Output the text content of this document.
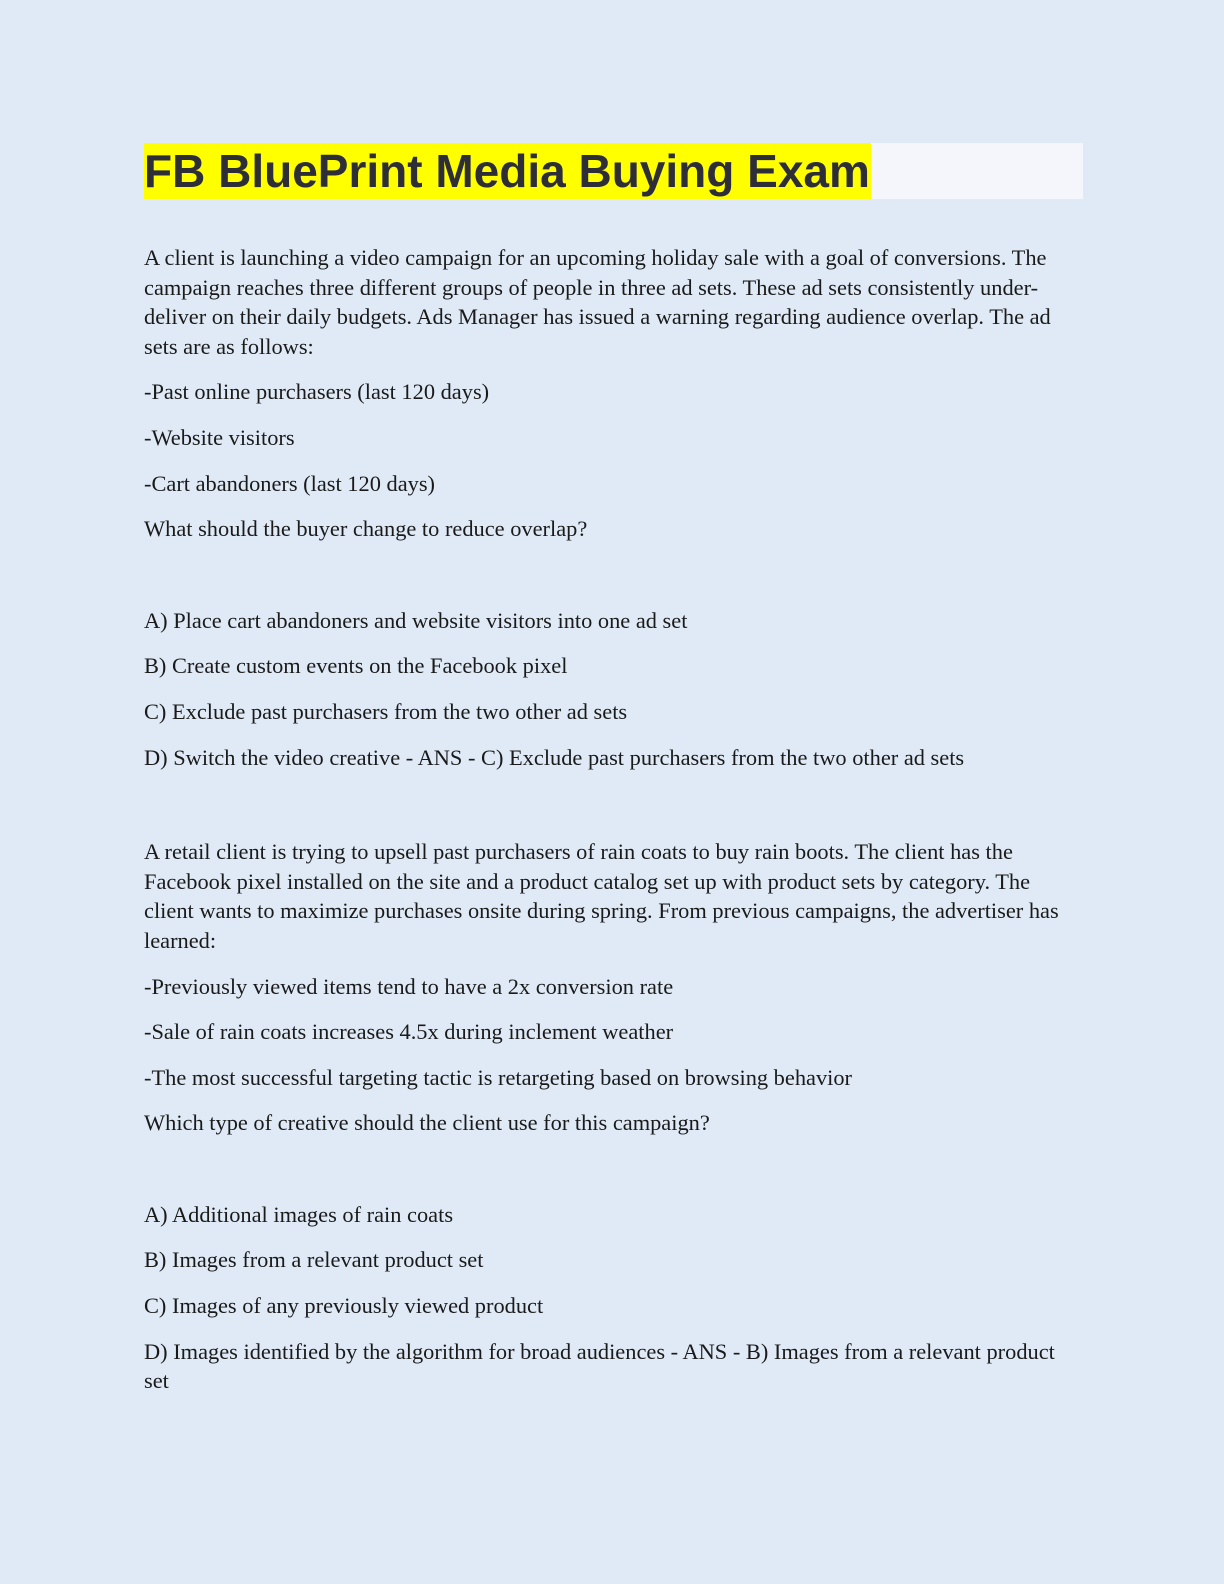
FB BluePrint Media Buying Exam

A client is launching a video campaign for an upcoming holiday sale with a goal of conversions. The campaign reaches three different groups of people in three ad sets. These ad sets consistently under-deliver on their daily budgets. Ads Manager has issued a warning regarding audience overlap. The ad sets are as follows:

-Past online purchasers (last 120 days)

-Website visitors

-Cart abandoners (last 120 days)

What should the buyer change to reduce overlap?

A) Place cart abandoners and website visitors into one ad set

B) Create custom events on the Facebook pixel

C) Exclude past purchasers from the two other ad sets

D) Switch the video creative - ANS - C) Exclude past purchasers from the two other ad sets

A retail client is trying to upsell past purchasers of rain coats to buy rain boots. The client has the Facebook pixel installed on the site and a product catalog set up with product sets by category. The client wants to maximize purchases onsite during spring. From previous campaigns, the advertiser has learned:

-Previously viewed items tend to have a 2x conversion rate

-Sale of rain coats increases 4.5x during inclement weather

-The most successful targeting tactic is retargeting based on browsing behavior

Which type of creative should the client use for this campaign?

A) Additional images of rain coats

B) Images from a relevant product set

C) Images of any previously viewed product

D) Images identified by the algorithm for broad audiences - ANS - B) Images from a relevant product set
